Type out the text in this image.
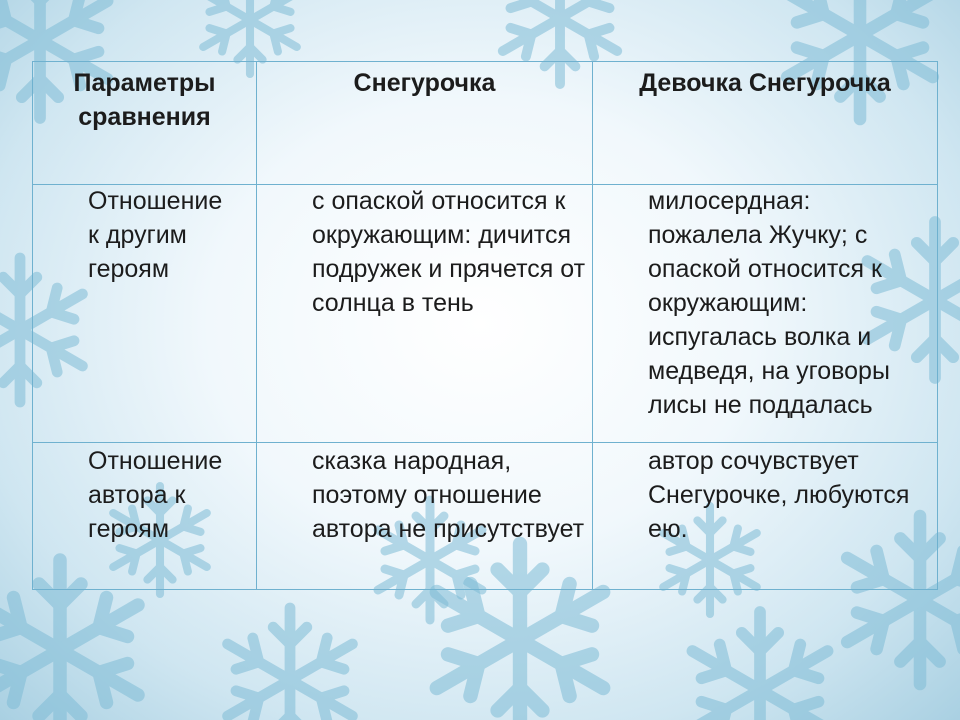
Параметры сравнения	Снегурочка	Девочка Снегурочка

Отношение к другим героям	с опаской относится к окружающим: дичится подружек и прячется от солнца в тень	милосердная: пожалела Жучку; с опаской относится к окружающим: испугалась волка и медведя, на уговоры лисы не поддалась

Отношение автора к героям	сказка народная, поэтому отношение автора не присутствует	автор сочувствует Снегурочке, любуются ею.
